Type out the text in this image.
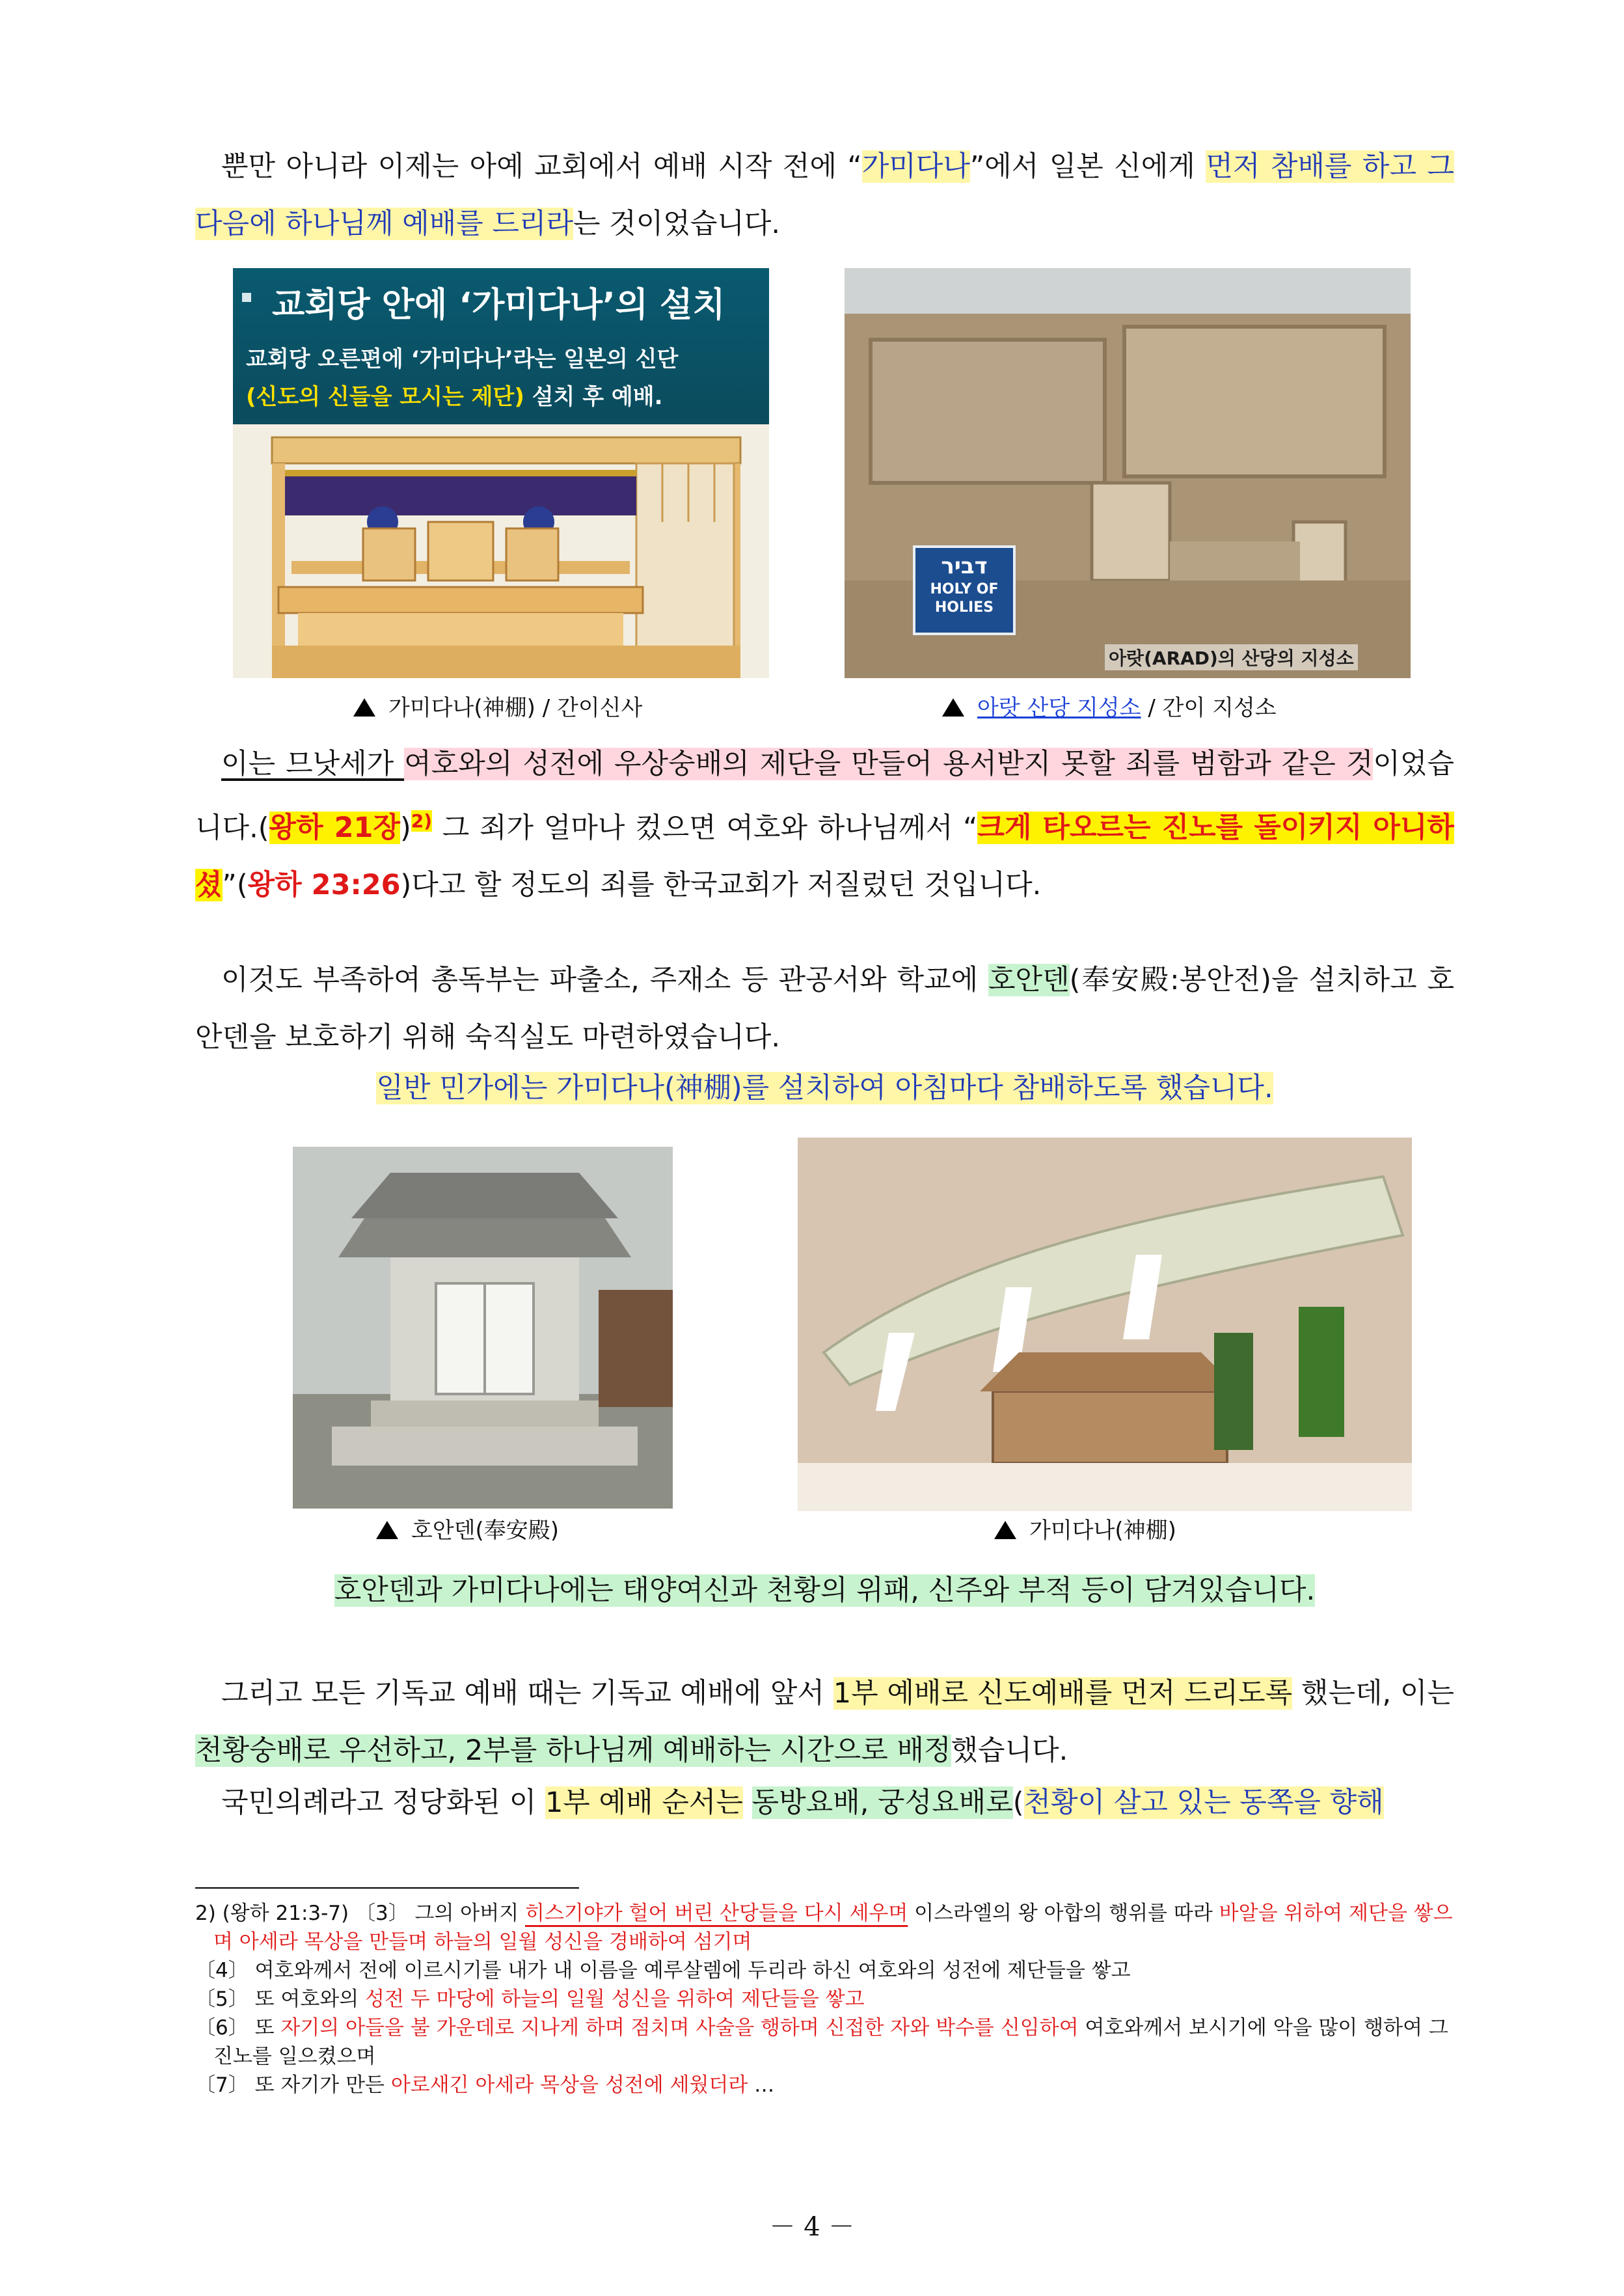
뿐만 아니라 이제는 아예 교회에서 예배 시작 전에 “가미다나”에서 일본 신에게 먼저 참배를 하고 그 다음에 하나님께 예배를 드리라는 것이었습니다.

교회당 안에 ‘가미다나’의 설치
교회당 오른편에 ‘가미다나’라는 일본의 신단
(신도의 신들을 모시는 제단) 설치 후 예배.
דביר
HOLY OF
HOLIES
아랏(ARAD)의 산당의 지성소
가미다나(神棚) / 간이신사	아랏 산당 지성소 / 간이 지성소

이는 므낫세가 여호와의 성전에 우상숭배의 제단을 만들어 용서받지 못할 죄를 범함과 같은 것이었습니다.(왕하 21장)$^{2)}$ 그 죄가 얼마나 컸으면 여호와 하나님께서 “크게 타오르는 진노를 돌이키지 아니하셨”(왕하 23:26)다고 할 정도의 죄를 한국교회가 저질렀던 것입니다.

이것도 부족하여 총독부는 파출소, 주재소 등 관공서와 학교에 호안덴(奉安殿:봉안전)을 설치하고 호안덴을 보호하기 위해 숙직실도 마련하였습니다.

일반 민가에는 가미다나(神棚)를 설치하여 아침마다 참배하도록 했습니다.

호안덴(奉安殿)	가미다나(神棚)

호안덴과 가미다나에는 태양여신과 천황의 위패, 신주와 부적 등이 담겨있습니다.

그리고 모든 기독교 예배 때는 기독교 예배에 앞서 1부 예배로 신도예배를 먼저 드리도록 했는데, 이는 천황숭배로 우선하고, 2부를 하나님께 예배하는 시간으로 배정했습니다.

국민의례라고 정당화된 이 1부 예배 순서는 동방요배, 궁성요배로(천황이 살고 있는 동쪽을 향해

2) (왕하 21:3-7) 〔3〕 그의 아버지 히스기야가 헐어 버린 산당들을 다시 세우며 이스라엘의 왕 아합의 행위를 따라 바알을 위하여 제단을 쌓으며 아세라 목상을 만들며 하늘의 일월 성신을 경배하여 섬기며
〔4〕 여호와께서 전에 이르시기를 내가 내 이름을 예루살렘에 두리라 하신 여호와의 성전에 제단들을 쌓고
〔5〕 또 여호와의 성전 두 마당에 하늘의 일월 성신을 위하여 제단들을 쌓고
〔6〕 또 자기의 아들을 불 가운데로 지나게 하며 점치며 사술을 행하며 신접한 자와 박수를 신임하여 여호와께서 보시기에 악을 많이 행하여 그 진노를 일으켰으며
〔7〕 또 자기가 만든 아로새긴 아세라 목상을 성전에 세웠더라 …
－ 4 －
